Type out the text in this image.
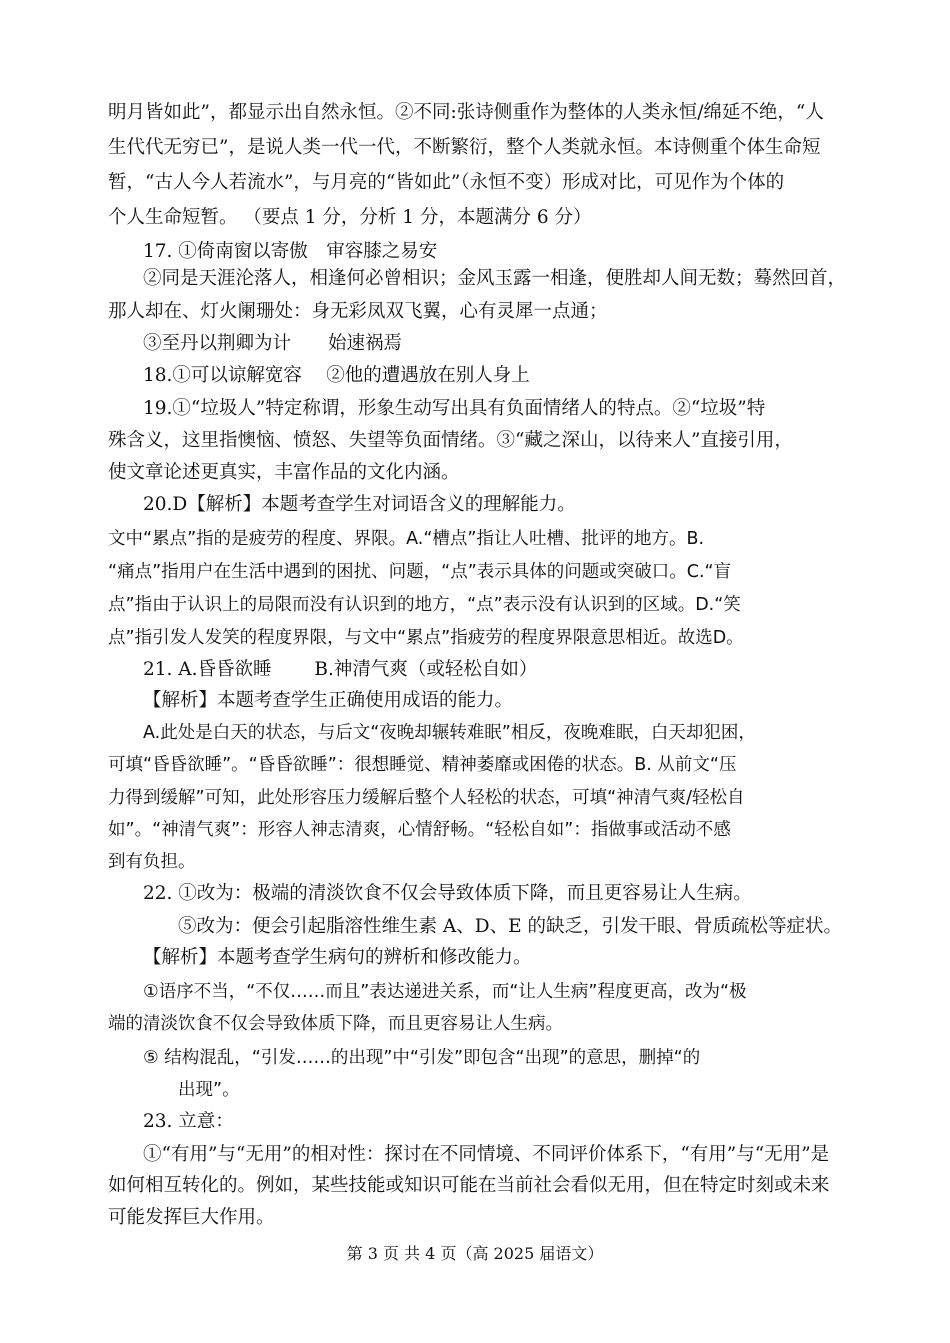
明月皆如此”，都显示出自然永恒。②不同:张诗侧重作为整体的人类永恒/绵延不绝，“人
生代代无穷已”，是说人类一代一代，不断繁衍，整个人类就永恒。本诗侧重个体生命短
暂，“古人今人若流水”，与月亮的“皆如此”（永恒不变）形成对比，可见作为个体的
个人生命短暂。 （要点 1 分，分析 1 分，本题满分 6 分）
17. ①倚南窗以寄傲　审容膝之易安
②同是天涯沦落人，相逢何必曾相识；金风玉露一相逢，便胜却人间无数；蓦然回首，
那人却在、灯火阑珊处：身无彩凤双飞翼，心有灵犀一点通；
③至丹以荆卿为计　　始速祸焉
18.①可以谅解宽容　 ②他的遭遇放在别人身上
19.①“垃圾人”特定称谓，形象生动写出具有负面情绪人的特点。②“垃圾”特
殊含义，这里指懊恼、愤怒、失望等负面情绪。③“藏之深山，以待来人”直接引用，
使文章论述更真实，丰富作品的文化内涵。
20.D【解析】本题考查学生对词语含义的理解能力。
文中“累点”指的是疲劳的程度、界限。A.“槽点”指让人吐槽、批评的地方。B.
“痛点”指用户在生活中遇到的困扰、问题，“点”表示具体的问题或突破口。C.“盲
点”指由于认识上的局限而没有认识到的地方，“点”表示没有认识到的区域。D.“笑
点”指引发人发笑的程度界限，与文中“累点”指疲劳的程度界限意思相近。故选D。
21. A.昏昏欲睡　　 B.神清气爽（或轻松自如）
【解析】本题考查学生正确使用成语的能力。
A.此处是白天的状态，与后文“夜晚却辗转难眠”相反，夜晚难眠，白天却犯困，
可填“昏昏欲睡”。“昏昏欲睡”：很想睡觉、精神萎靡或困倦的状态。B. 从前文“压
力得到缓解”可知，此处形容压力缓解后整个人轻松的状态，可填“神清气爽/轻松自
如”。“神清气爽”：形容人神志清爽，心情舒畅。“轻松自如”：指做事或活动不感
到有负担。
22. ①改为：极端的清淡饮食不仅会导致体质下降，而且更容易让人生病。
⑤改为：便会引起脂溶性维生素 A、D、E 的缺乏，引发干眼、骨质疏松等症状。
【解析】本题考查学生病句的辨析和修改能力。
①语序不当，“不仅……而且”表达递进关系，而“让人生病”程度更高，改为“极
端的清淡饮食不仅会导致体质下降，而且更容易让人生病。
⑤ 结构混乱，“引发……的出现”中“引发”即包含“出现”的意思，删掉“的
出现”。
23. 立意：
①“有用”与“无用”的相对性：探讨在不同情境、不同评价体系下，“有用”与“无用”是
如何相互转化的。例如，某些技能或知识可能在当前社会看似无用，但在特定时刻或未来
可能发挥巨大作用。
第 3 页 共 4 页（高 2025 届语文）
